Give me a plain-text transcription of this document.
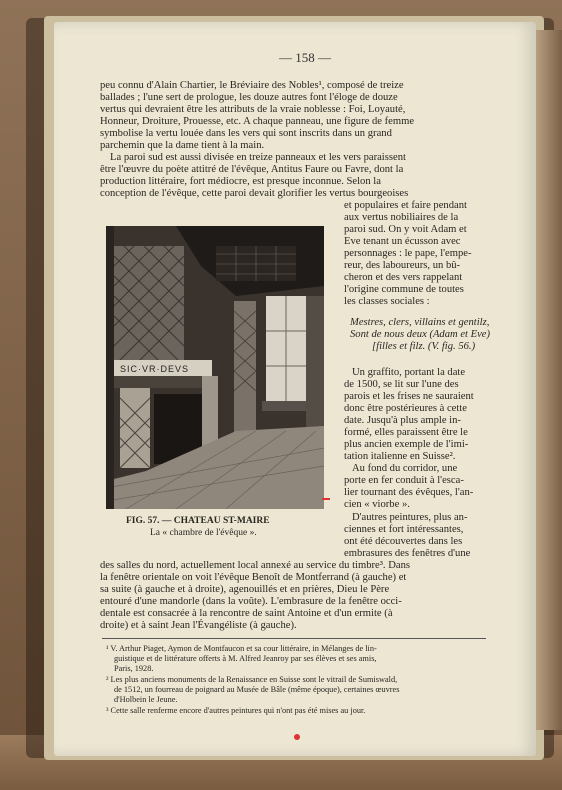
— 158 —
peu connu d'Alain Chartier, le Bréviaire des Nobles¹, composé de treize
ballades ; l'une sert de prologue, les douze autres font l'éloge de douze
vertus qui devraient être les attributs de la vraie noblesse : Foi, Loyauté,
Honneur, Droiture, Prouesse, etc. A chaque panneau, une figure de femme
symbolise la vertu louée dans les vers qui sont inscrits dans un grand
parchemin que la dame tient à la main.
La paroi sud est aussi divisée en treize panneaux et les vers paraissent
être l'œuvre du poète attitré de l'évêque, Antitus Faure ou Favre, dont la
production littéraire, fort médiocre, est presque inconnue. Selon la
conception de l'évêque, cette paroi devait glorifier les vertus bourgeoises
SIC·VR·DEVS
et populaires et faire pendant
aux vertus nobiliaires de la
paroi sud. On y voit Adam et
Eve tenant un écusson avec
personnages : le pape, l'empe-
reur, des laboureurs, un bû-
cheron et des vers rappelant
l'origine commune de toutes
les classes sociales :
Mestres, clers, villains et gentilz,
Sont de nous deux (Adam et Eve)
[filles et filz. (V. fig. 56.)
Un graffito, portant la date
de 1500, se lit sur l'une des
parois et les frises ne sauraient
donc être postérieures à cette
date. Jusqu'à plus ample in-
formé, elles paraissent être le
plus ancien exemple de l'imi-
tation italienne en Suisse².
Au fond du corridor, une
porte en fer conduit à l'esca-
lier tournant des évêques, l'an-
cien « viorbe ».
D'autres peintures, plus an-
ciennes et fort intéressantes,
ont été découvertes dans les
embrasures des fenêtres d'une
FIG. 57. — CHATEAU ST-MAIRE
La « chambre de l'évêque ».
des salles du nord, actuellement local annexé au service du timbre³. Dans
la fenêtre orientale on voit l'évêque Benoît de Montferrand (à gauche) et
sa suite (à gauche et à droite), agenouillés et en prières, Dieu le Père
entouré d'une mandorle (dans la voûte). L'embrasure de la fenêtre occi-
dentale est consacrée à la rencontre de saint Antoine et d'un ermite (à
droite) et à saint Jean l'Évangéliste (à gauche).
¹ V. Arthur Piaget, Aymon de Montfaucon et sa cour littéraire, in Mélanges de lin-
guistique et de littérature offerts à M. Alfred Jeanroy par ses élèves et ses amis,
Paris, 1928.
² Les plus anciens monuments de la Renaissance en Suisse sont le vitrail de Sumiswald,
de 1512, un fourreau de poignard au Musée de Bâle (même époque), certaines œuvres
d'Holbein le Jeune.
³ Cette salle renferme encore d'autres peintures qui n'ont pas été mises au jour.
